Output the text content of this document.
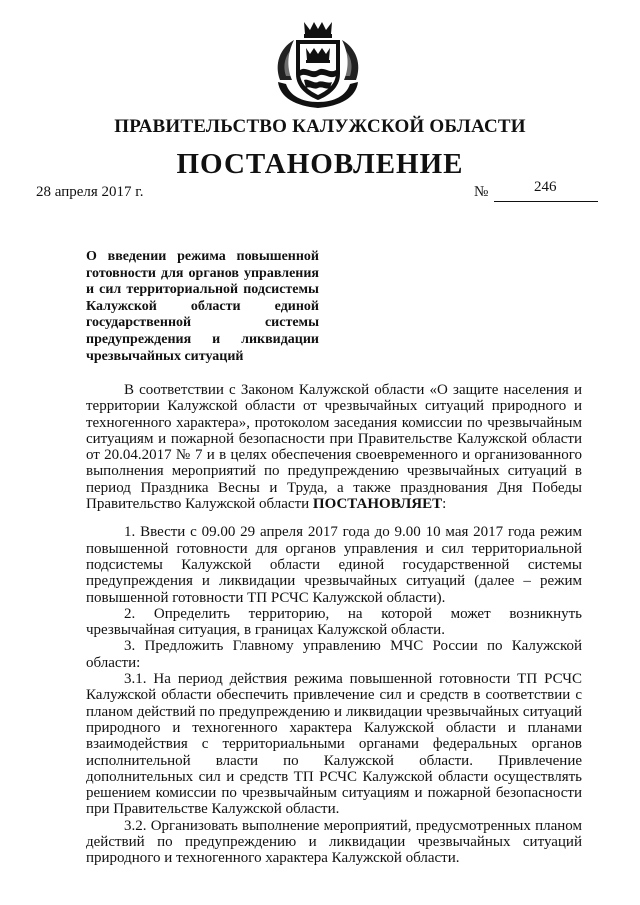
ПРАВИТЕЛЬСТВО КАЛУЖСКОЙ ОБЛАСТИ
ПОСТАНОВЛЕНИЕ
28 апреля 2017 г.	№	246
О введении режима повышенной готовности для органов управления и сил территориальной подсистемы Калужской области единой государственной системы предупреждения и ликвидации чрезвычайных ситуаций

В соответствии с Законом Калужской области «О защите населения и территории Калужской области от чрезвычайных ситуаций природного и техногенного характера», протоколом заседания комиссии по чрезвычайным ситуациям и пожарной безопасности при Правительстве Калужской области от 20.04.2017 № 7 и в целях обеспечения своевременного и организованного выполнения мероприятий по предупреждению чрезвычайных ситуаций в период Праздника Весны и Труда, а также празднования Дня Победы Правительство Калужской области ПОСТАНОВЛЯЕТ:

1. Ввести с 09.00 29 апреля 2017 года до 9.00 10 мая 2017 года режим повышенной готовности для органов управления и сил территориальной подсистемы Калужской области единой государственной системы предупреждения и ликвидации чрезвычайных ситуаций (далее – режим повышенной готовности ТП РСЧС Калужской области).

2. Определить территорию, на которой может возникнуть чрезвычайная ситуация, в границах Калужской области.

3. Предложить Главному управлению МЧС России по Калужской области:

3.1. На период действия режима повышенной готовности ТП РСЧС Калужской области обеспечить привлечение сил и средств в соответствии с планом действий по предупреждению и ликвидации чрезвычайных ситуаций природного и техногенного характера Калужской области и планами взаимодействия с территориальными органами федеральных органов исполнительной власти по Калужской области. Привлечение дополнительных сил и средств ТП РСЧС Калужской области осуществлять решением комиссии по чрезвычайным ситуациям и пожарной безопасности при Правительстве Калужской области.

3.2. Организовать выполнение мероприятий, предусмотренных планом действий по предупреждению и ликвидации чрезвычайных ситуаций природного и техногенного характера Калужской области.
